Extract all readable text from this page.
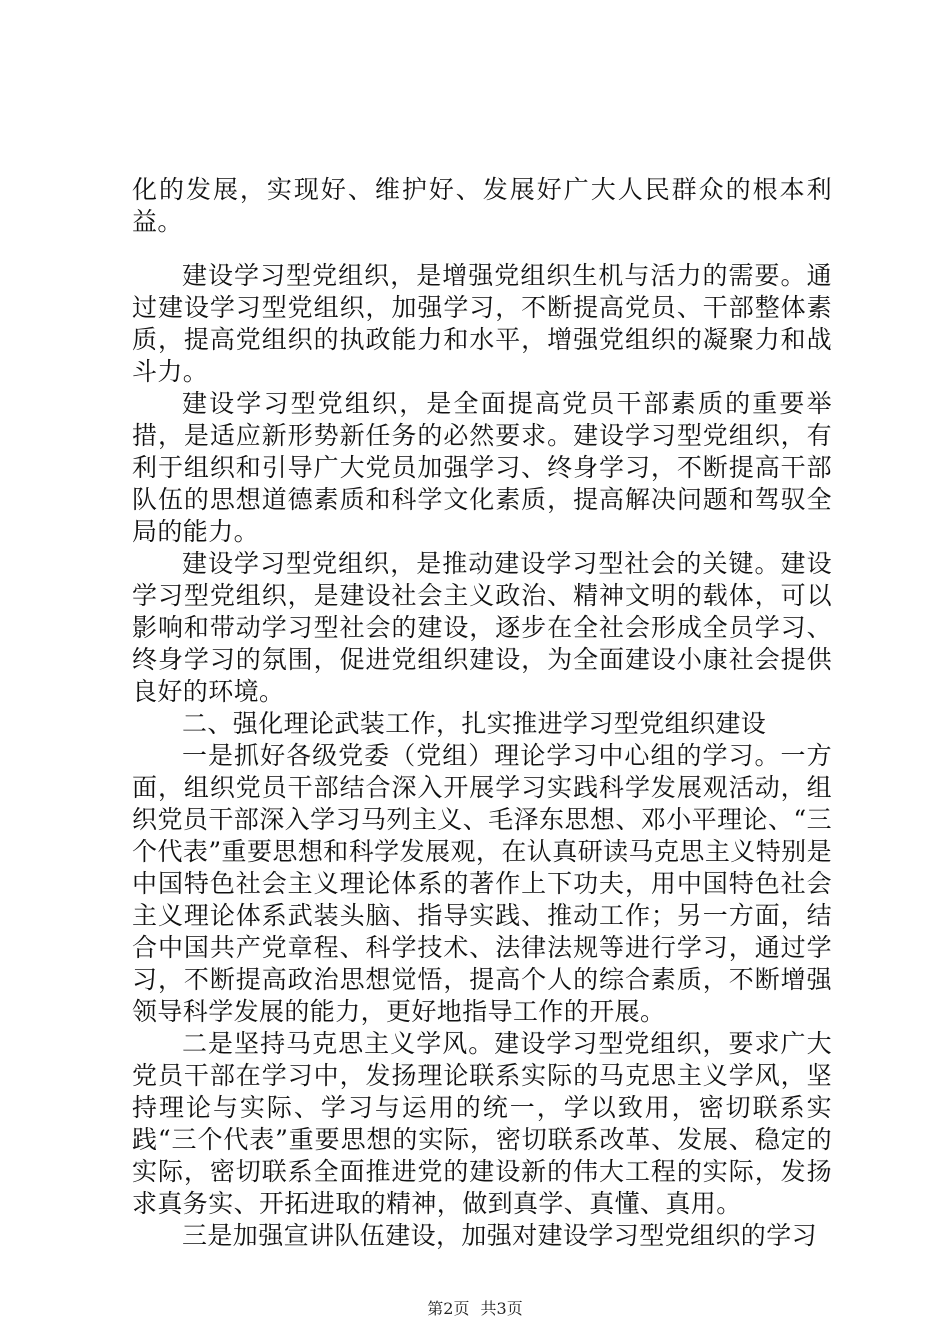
化的发展，实现好、维护好、发展好广大人民群众的根本利益。

建设学习型党组织，是增强党组织生机与活力的需要。通过建设学习型党组织，加强学习，不断提高党员、干部整体素质，提高党组织的执政能力和水平，增强党组织的凝聚力和战斗力。

建设学习型党组织，是全面提高党员干部素质的重要举措，是适应新形势新任务的必然要求。建设学习型党组织，有利于组织和引导广大党员加强学习、终身学习，不断提高干部队伍的思想道德素质和科学文化素质，提高解决问题和驾驭全局的能力。

建设学习型党组织，是推动建设学习型社会的关键。建设学习型党组织，是建设社会主义政治、精神文明的载体，可以影响和带动学习型社会的建设，逐步在全社会形成全员学习、终身学习的氛围，促进党组织建设，为全面建设小康社会提供良好的环境。

二、强化理论武装工作，扎实推进学习型党组织建设

一是抓好各级党委（党组）理论学习中心组的学习。一方面，组织党员干部结合深入开展学习实践科学发展观活动，组织党员干部深入学习马列主义、毛泽东思想、邓小平理论、“三个代表”重要思想和科学发展观，在认真研读马克思主义特别是中国特色社会主义理论体系的著作上下功夫，用中国特色社会主义理论体系武装头脑、指导实践、推动工作；另一方面，结合中国共产党章程、科学技术、法律法规等进行学习，通过学习，不断提高政治思想觉悟，提高个人的综合素质，不断增强领导科学发展的能力，更好地指导工作的开展。

二是坚持马克思主义学风。建设学习型党组织，要求广大党员干部在学习中，发扬理论联系实际的马克思主义学风，坚持理论与实际、学习与运用的统一，学以致用，密切联系实践“三个代表”重要思想的实际，密切联系改革、发展、稳定的实际，密切联系全面推进党的建设新的伟大工程的实际，发扬求真务实、开拓进取的精神，做到真学、真懂、真用。

三是加强宣讲队伍建设，加强对建设学习型党组织的学习

第2页 共3页
